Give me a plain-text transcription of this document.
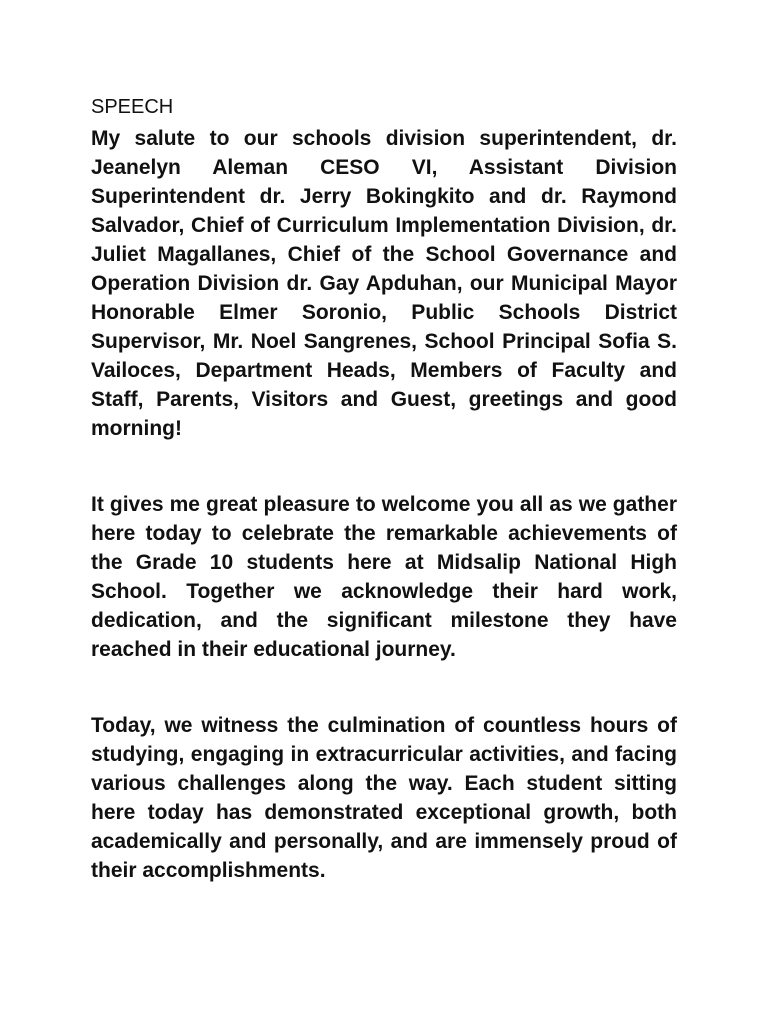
SPEECH

My salute to our schools division superintendent, dr. Jeanelyn Aleman CESO VI, Assistant Division Superintendent dr. Jerry Bokingkito and dr. Raymond Salvador, Chief of Curriculum Implementation Division, dr. Juliet Magallanes, Chief of the School Governance and Operation Division dr. Gay Apduhan, our Municipal Mayor Honorable Elmer Soronio, Public Schools District Supervisor, Mr. Noel Sangrenes, School Principal Sofia S. Vailoces, Department Heads, Members of Faculty and Staff, Parents, Visitors and Guest, greetings and good morning!

It gives me great pleasure to welcome you all as we gather here today to celebrate the remarkable achievements of the Grade 10 students here at Midsalip National High School. Together we acknowledge their hard work, dedication, and the significant milestone they have reached in their educational journey.

Today, we witness the culmination of countless hours of studying, engaging in extracurricular activities, and facing various challenges along the way. Each student sitting here today has demonstrated exceptional growth, both academically and personally, and are immensely proud of their accomplishments.
